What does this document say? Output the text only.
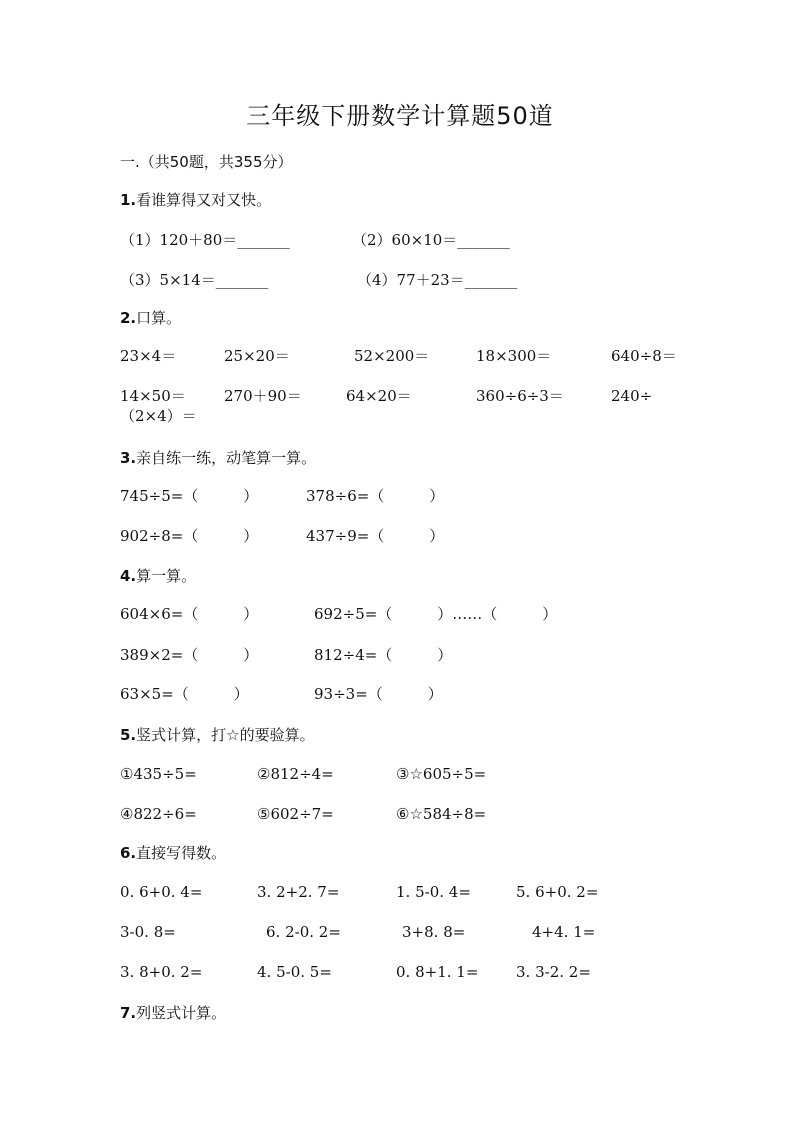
三年级下册数学计算题50道
一.（共50题，共355分）
1.看谁算得又对又快。
（1）120＋80＝_______	（2）60×10＝_______
（3）5×14＝_______	（4）77＋23＝_______
2.口算。
23×4＝	25×20＝	52×200＝	18×300＝	640÷8＝
14×50＝	270＋90＝	64×20＝	360÷6÷3＝	240÷
（2×4）＝
3.亲自练一练，动笔算一算。
745÷5=（　　　）	378÷6=（　　　）
902÷8=（　　　）	437÷9=（　　　）
4.算一算。
604×6=（　　　）	692÷5=（　　　）……（　　　）
389×2=（　　　）	812÷4=（　　　）
63×5=（　　　）	93÷3=（　　　）
5.竖式计算，打☆的要验算。
①435÷5=	②812÷4=	③☆605÷5=
④822÷6=	⑤602÷7=	⑥☆584÷8=
6.直接写得数。
0. 6+0. 4=	3. 2+2. 7=	1. 5-0. 4=	5. 6+0. 2=
3-0. 8=	6. 2-0. 2=	3+8. 8=	4+4. 1=
3. 8+0. 2=	4. 5-0. 5=	0. 8+1. 1=	3. 3-2. 2=
7.列竖式计算。
